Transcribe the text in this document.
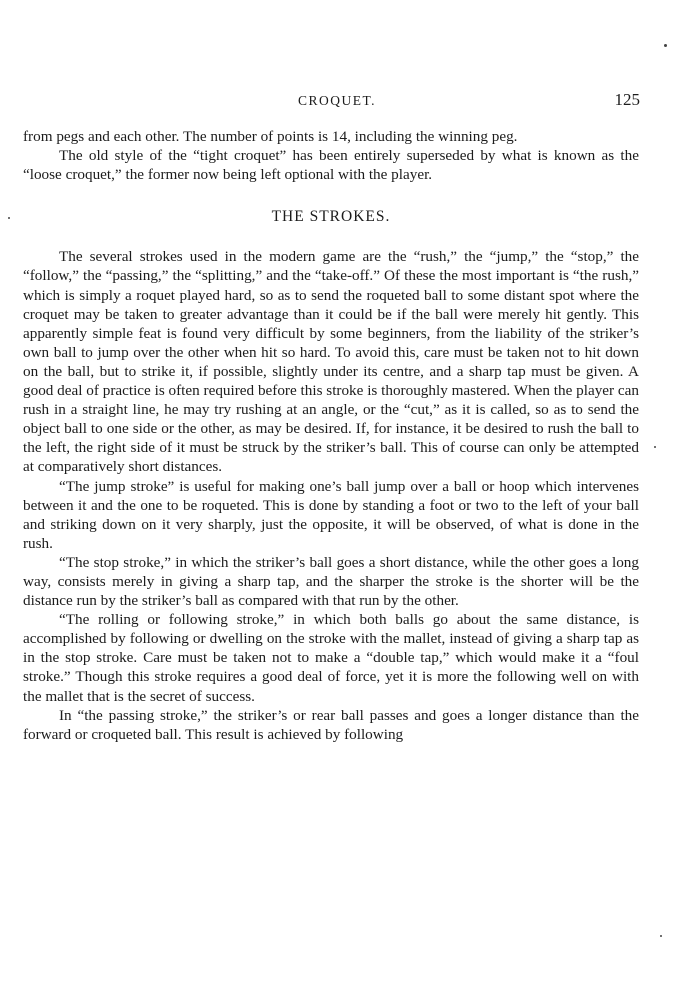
CROQUET.	125

from pegs and each other. The number of points is 14, including the winning peg.

The old style of the “tight croquet” has been entirely superseded by what is known as the “loose croquet,” the former now being left optional with the player.

THE STROKES.

The several strokes used in the modern game are the “rush,” the “jump,” the “stop,” the “follow,” the “passing,” the “splitting,” and the “take-off.” Of these the most important is “the rush,” which is simply a roquet played hard, so as to send the roqueted ball to some distant spot where the croquet may be taken to greater advantage than it could be if the ball were merely hit gently. This apparently simple feat is found very difficult by some beginners, from the liability of the striker’s own ball to jump over the other when hit so hard. To avoid this, care must be taken not to hit down on the ball, but to strike it, if possible, slightly under its centre, and a sharp tap must be given. A good deal of practice is often required before this stroke is thoroughly mastered. When the player can rush in a straight line, he may try rushing at an angle, or the “cut,” as it is called, so as to send the object ball to one side or the other, as may be desired. If, for instance, it be desired to rush the ball to the left, the right side of it must be struck by the striker’s ball. This of course can only be attempted at comparatively short distances.

“The jump stroke” is useful for making one’s ball jump over a ball or hoop which intervenes between it and the one to be roqueted. This is done by standing a foot or two to the left of your ball and striking down on it very sharply, just the opposite, it will be observed, of what is done in the rush.

“The stop stroke,” in which the striker’s ball goes a short distance, while the other goes a long way, consists merely in giving a sharp tap, and the sharper the stroke is the shorter will be the distance run by the striker’s ball as compared with that run by the other.

“The rolling or following stroke,” in which both balls go about the same distance, is accomplished by following or dwelling on the stroke with the mallet, instead of giving a sharp tap as in the stop stroke. Care must be taken not to make a “double tap,” which would make it a “foul stroke.” Though this stroke requires a good deal of force, yet it is more the following well on with the mallet that is the secret of success.

In “the passing stroke,” the striker’s or rear ball passes and goes a longer distance than the forward or croqueted ball. This result is achieved by following
